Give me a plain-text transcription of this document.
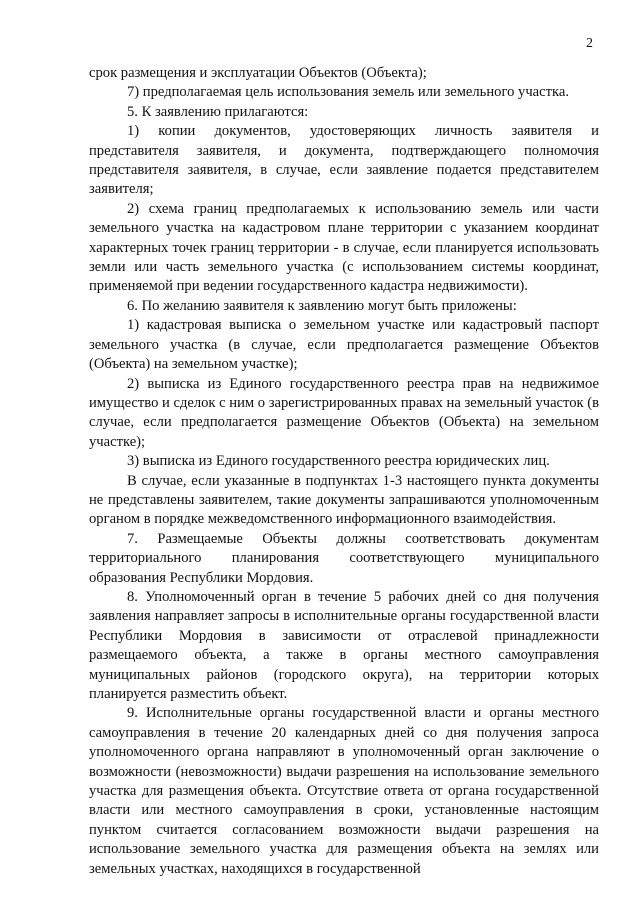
2

срок размещения и эксплуатации Объектов (Объекта);

7) предполагаемая цель использования земель или земельного участка.

5. К заявлению прилагаются:

1) копии документов, удостоверяющих личность заявителя и представителя заявителя, и документа, подтверждающего полномочия представителя заявителя, в случае, если заявление подается представителем заявителя;

2) схема границ предполагаемых к использованию земель или части земельного участка на кадастровом плане территории с указанием координат характерных точек границ территории - в случае, если планируется использовать земли или часть земельного участка (с использованием системы координат, применяемой при ведении государственного кадастра недвижимости).

6. По желанию заявителя к заявлению могут быть приложены:

1) кадастровая выписка о земельном участке или кадастровый паспорт земельного участка (в случае, если предполагается размещение Объектов (Объекта) на земельном участке);

2) выписка из Единого государственного реестра прав на недвижимое имущество и сделок с ним о зарегистрированных правах на земельный участок (в случае, если предполагается размещение Объектов (Объекта) на земельном участке);

3) выписка из Единого государственного реестра юридических лиц.

В случае, если указанные в подпунктах 1-3 настоящего пункта документы не представлены заявителем, такие документы запрашиваются уполномоченным органом в порядке межведомственного информационного взаимодействия.

7. Размещаемые Объекты должны соответствовать документам территориального планирования соответствующего муниципального образования Республики Мордовия.

8. Уполномоченный орган в течение 5 рабочих дней со дня получения заявления направляет запросы в исполнительные органы государственной власти Республики Мордовия в зависимости от отраслевой принадлежности размещаемого объекта, а также в органы местного самоуправления муниципальных районов (городского округа), на территории которых планируется разместить объект.

9. Исполнительные органы государственной власти и органы местного самоуправления в течение 20 календарных дней со дня получения запроса уполномоченного органа направляют в уполномоченный орган заключение о возможности (невозможности) выдачи разрешения на использование земельного участка для размещения объекта. Отсутствие ответа от органа государственной власти или местного самоуправления в сроки, установленные настоящим пунктом считается согласованием возможности выдачи разрешения на использование земельного участка для размещения объекта на землях или земельных участках, находящихся в государственной
